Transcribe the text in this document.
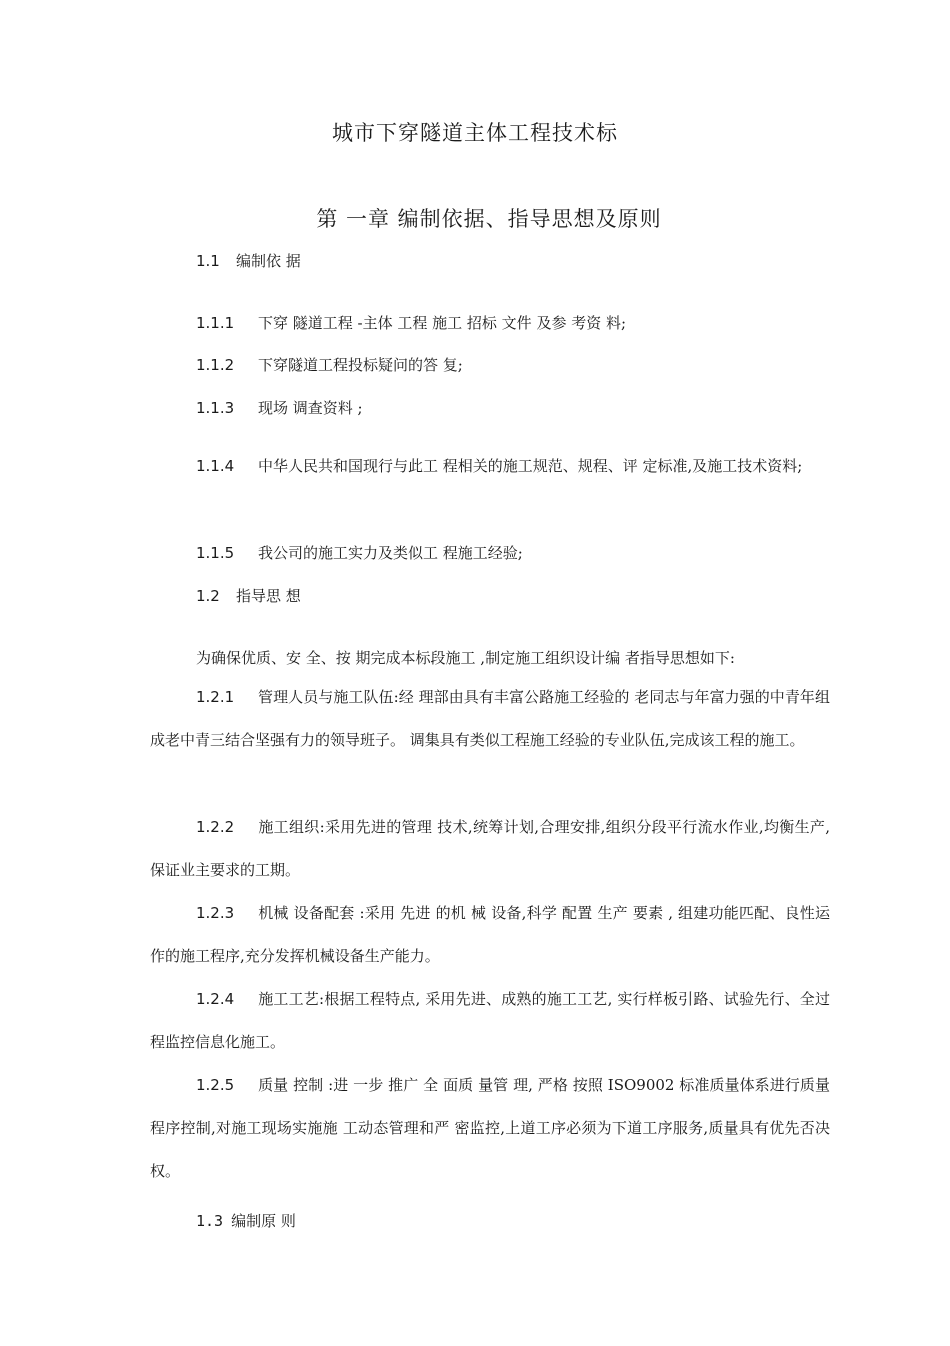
城市下穿隧道主体工程技术标
第 一章 编制依据、指导思想及原则
1.1 编制依 据
1.1.1 下穿 隧道工程 -主体 工程 施工 招标 文件 及参 考资 料;
1.1.2 下穿隧道工程投标疑问的答 复;
1.1.3 现场 调查资料 ;
1.1.4 中华人民共和国现行与此工 程相关的施工规范、规程、评 定标准,及施工技术资料;
1.1.5 我公司的施工实力及类似工 程施工经验;
1.2 指导思 想
为确保优质、安 全、按 期完成本标段施工 ,制定施工组织设计编 者指导思想如下:
1.2.1 管理人员与施工队伍:经 理部由具有丰富公路施工经验的 老同志与年富力强的中青年组成老中青三结合坚强有力的领导班子。 调集具有类似工程施工经验的专业队伍,完成该工程的施工。
1.2.2 施工组织:采用先进的管理 技术,统筹计划,合理安排,组织分段平行流水作业,均衡生产,保证业主要求的工期。
1.2.3 机械 设备配套 :采用 先进 的机 械 设备,科学 配置 生产 要素 , 组建功能匹配、良性运作的施工程序,充分发挥机械设备生产能力。
1.2.4 施工工艺:根据工程特点, 采用先进、成熟的施工工艺, 实行样板引路、试验先行、全过程监控信息化施工。
1.2.5 质量 控制 :进 一步 推广 全 面质 量管 理, 严格 按照 ISO9002 标准质量体系进行质量程序控制,对施工现场实施施 工动态管理和严 密监控,上道工序必须为下道工序服务,质量具有优先否决权。
1.3 编制原 则
